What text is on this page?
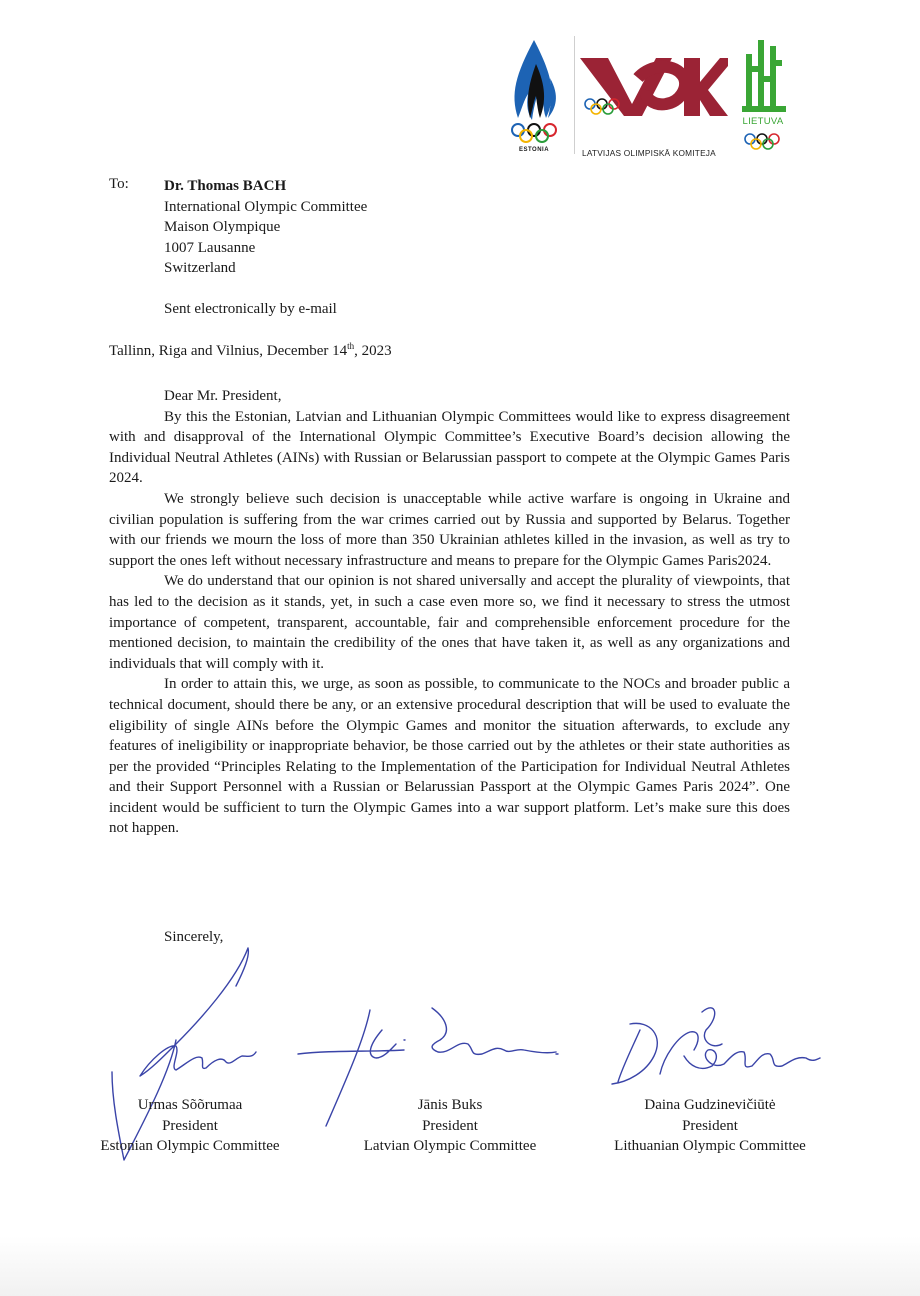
ESTONIA	LATVIJAS OLIMPISKĀ KOMITEJA
LIETUVA
To: Dr. Thomas BACH
International Olympic Committee
Maison Olympique
1007 Lausanne
Switzerland
Sent electronically by e-mail
Tallinn, Riga and Vilnius, December 14th, 2023

Dear Mr. President,

By this the Estonian, Latvian and Lithuanian Olympic Committees would like to express disagreement with and disapproval of the International Olympic Committee’s Executive Board’s decision allowing the Individual Neutral Athletes (AINs) with Russian or Belarussian passport to compete at the Olympic Games Paris 2024.

We strongly believe such decision is unacceptable while active warfare is ongoing in Ukraine and civilian population is suffering from the war crimes carried out by Russia and supported by Belarus. Together with our friends we mourn the loss of more than 350 Ukrainian athletes killed in the invasion, as well as try to support the ones left without necessary infrastructure and means to prepare for the Olympic Games Paris2024.

We do understand that our opinion is not shared universally and accept the plurality of viewpoints, that has led to the decision as it stands, yet, in such a case even more so, we find it necessary to stress the utmost importance of competent, transparent, accountable, fair and comprehensible enforcement procedure for the mentioned decision, to maintain the credibility of the ones that have taken it, as well as any organizations and individuals that will comply with it.

In order to attain this, we urge, as soon as possible, to communicate to the NOCs and broader public a technical document, should there be any, or an extensive procedural description that will be used to evaluate the eligibility of single AINs before the Olympic Games and monitor the situation afterwards, to exclude any features of ineligibility or inappropriate behavior, be those carried out by the athletes or their state authorities as per the provided “Principles Relating to the Implementation of the Participation for Individual Neutral Athletes and their Support Personnel with a Russian or Belarussian Passport at the Olympic Games Paris 2024”. One incident would be sufficient to turn the Olympic Games into a war support platform. Let’s make sure this does not happen.

Sincerely,
Urmas Sõõrumaa
President
Estonian Olympic Committee
Jānis Buks
President
Latvian Olympic Committee
Daina Gudzinevičiūtė
President
Lithuanian Olympic Committee
